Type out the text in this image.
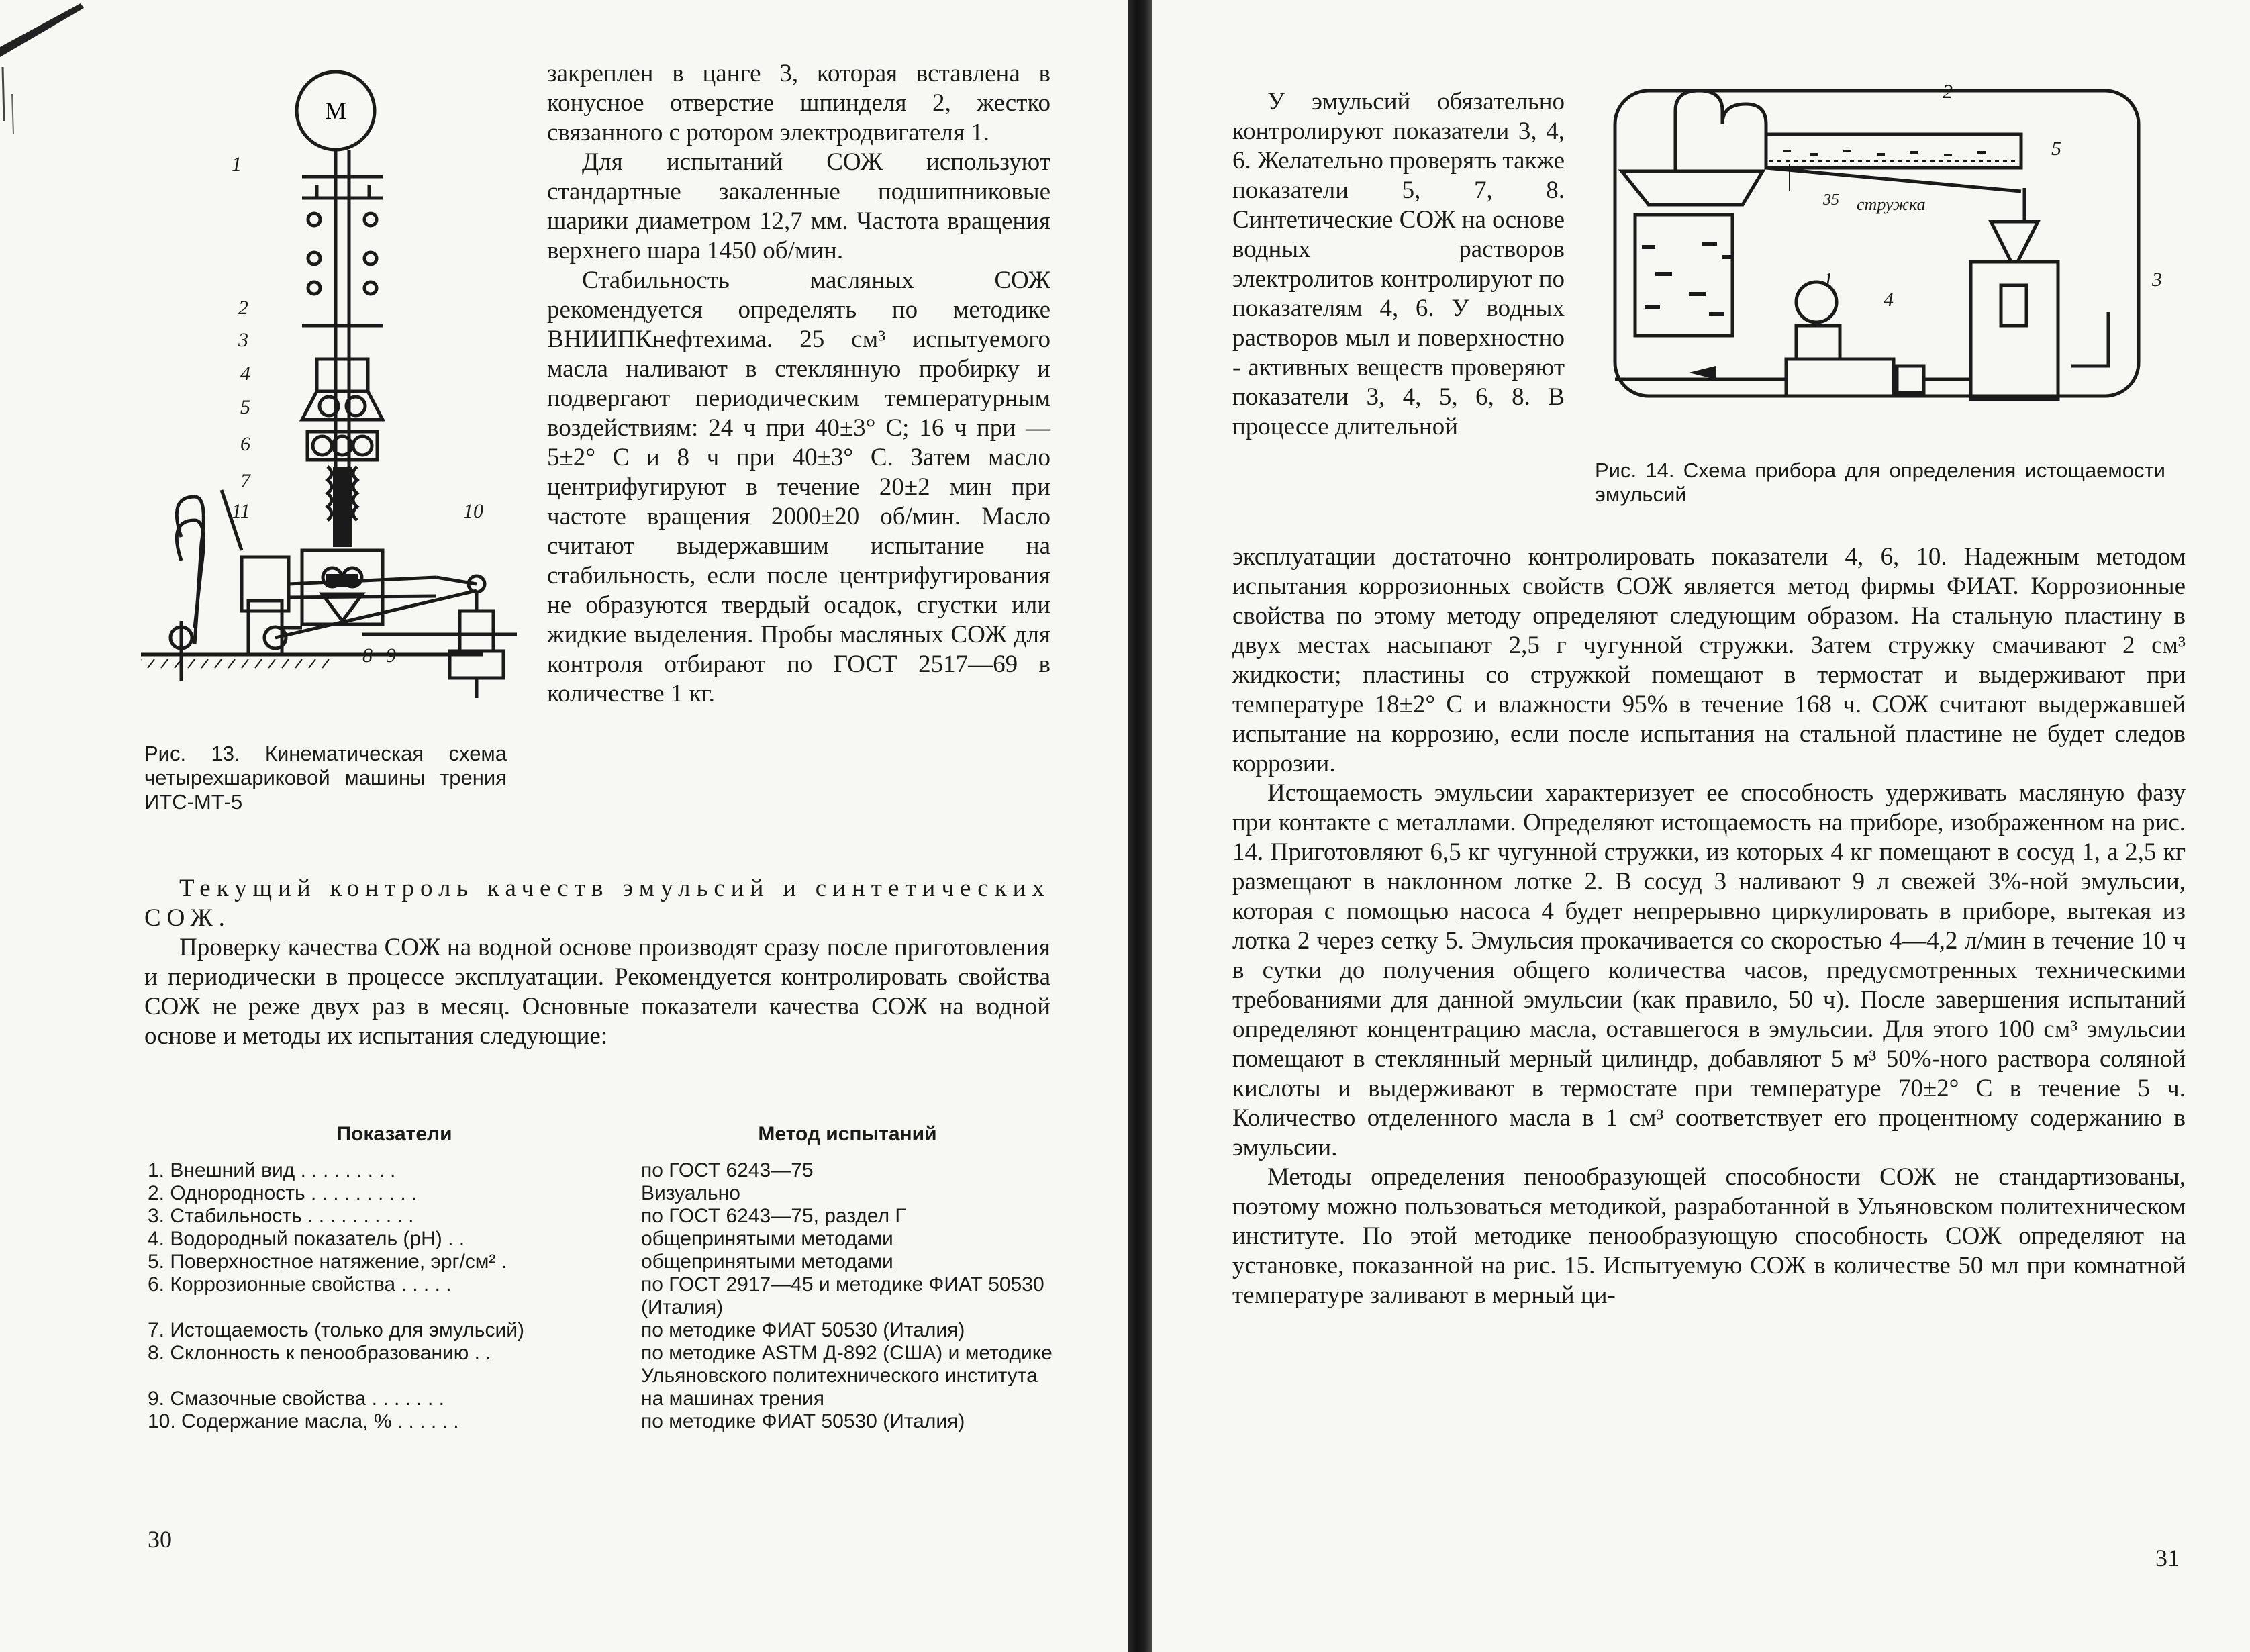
М
1
2
3
4
5
6
7
11	10
8 9
Рис. 13. Кинематическая схема четырехшариковой машины трения ИТС-МТ-5

закреплен в цанге 3, которая вставлена в конусное отверстие шпинделя 2, жестко связанного с ротором электродвигателя 1.

Для испытаний СОЖ используют стандартные закаленные подшипниковые шарики диаметром 12,7 мм. Частота вращения верхнего шара 1450 об/мин.

Стабильность масляных СОЖ рекомендуется определять по методике ВНИИПКнефтехима. 25 см³ испытуемого масла наливают в стеклянную пробирку и подвергают периодическим температурным воздействиям: 24 ч при 40±3° С; 16 ч при —5±2° С и 8 ч при 40±3° С. Затем масло центрифугируют в течение 20±2 мин при частоте вращения 2000±20 об/мин. Масло считают выдержавшим испытание на стабильность, если после центрифугирования не образуются твердый осадок, сгустки или жидкие выделения. Пробы масляных СОЖ для контроля отбирают по ГОСТ 2517—69 в количестве 1 кг.

Текущий контроль качеств эмульсий и синтетических СОЖ.

Проверку качества СОЖ на водной основе производят сразу после приготовления и периодически в процессе эксплуатации. Рекомендуется контролировать свойства СОЖ не реже двух раз в месяц. Основные показатели качества СОЖ на водной основе и методы их испытания следующие:

Показатели	Метод испытаний
1. Внешний вид . . . . . . . . .	по ГОСТ 6243—75
2. Однородность . . . . . . . . . .	Визуально
3. Стабильность . . . . . . . . . .	по ГОСТ 6243—75, раздел Г
4. Водородный показатель (pH) . .	общепринятыми методами
5. Поверхностное натяжение, эрг/см² .	общепринятыми методами
6. Коррозионные свойства . . . . .	по ГОСТ 2917—45 и методике ФИАТ 50530 (Италия)
7. Истощаемость (только для эмульсий)	по методике ФИАТ 50530 (Италия)
8. Склонность к пенообразованию . .	по методике ASTM Д-892 (США) и методике Ульяновского политехнического института
9. Смазочные свойства . . . . . . .	на машинах трения
10. Содержание масла, % . . . . . .	по методике ФИАТ 50530 (Италия)
30

У эмульсий обязательно контролируют показатели 3, 4, 6. Желательно проверять также показатели 5, 7, 8. Синтетические СОЖ на основе водных растворов электролитов контролируют по показателям 4, 6. У водных растворов мыл и поверхностно - активных веществ проверяют показатели 3, 4, 5, 6, 8. В процессе длительной

1
2
3
4
5
35 стружка
Рис. 14. Схема прибора для определения истощаемости эмульсий

эксплуатации достаточно контролировать показатели 4, 6, 10. Надежным методом испытания коррозионных свойств СОЖ является метод фирмы ФИАТ. Коррозионные свойства по этому методу определяют следующим образом. На стальную пластину в двух местах насыпают 2,5 г чугунной стружки. Затем стружку смачивают 2 см³ жидкости; пластины со стружкой помещают в термостат и выдерживают при температуре 18±2° С и влажности 95% в течение 168 ч. СОЖ считают выдержавшей испытание на коррозию, если после испытания на стальной пластине не будет следов коррозии.

Истощаемость эмульсии характеризует ее способность удерживать масляную фазу при контакте с металлами. Определяют истощаемость на приборе, изображенном на рис. 14. Приготовляют 6,5 кг чугунной стружки, из которых 4 кг помещают в сосуд 1, а 2,5 кг размещают в наклонном лотке 2. В сосуд 3 наливают 9 л свежей 3%-ной эмульсии, которая с помощью насоса 4 будет непрерывно циркулировать в приборе, вытекая из лотка 2 через сетку 5. Эмульсия прокачивается со скоростью 4—4,2 л/мин в течение 10 ч в сутки до получения общего количества часов, предусмотренных техническими требованиями для данной эмульсии (как правило, 50 ч). После завершения испытаний определяют концентрацию масла, оставшегося в эмульсии. Для этого 100 см³ эмульсии помещают в стеклянный мерный цилиндр, добавляют 5 м³ 50%-ного раствора соляной кислоты и выдерживают в термостате при температуре 70±2° С в течение 5 ч. Количество отделенного масла в 1 см³ соответствует его процентному содержанию в эмульсии.

Методы определения пенообразующей способности СОЖ не стандартизованы, поэтому можно пользоваться методикой, разработанной в Ульяновском политехническом институте. По этой методике пенообразующую способность СОЖ определяют на установке, показанной на рис. 15. Испытуемую СОЖ в количестве 50 мл при комнатной температуре заливают в мерный ци-

31
